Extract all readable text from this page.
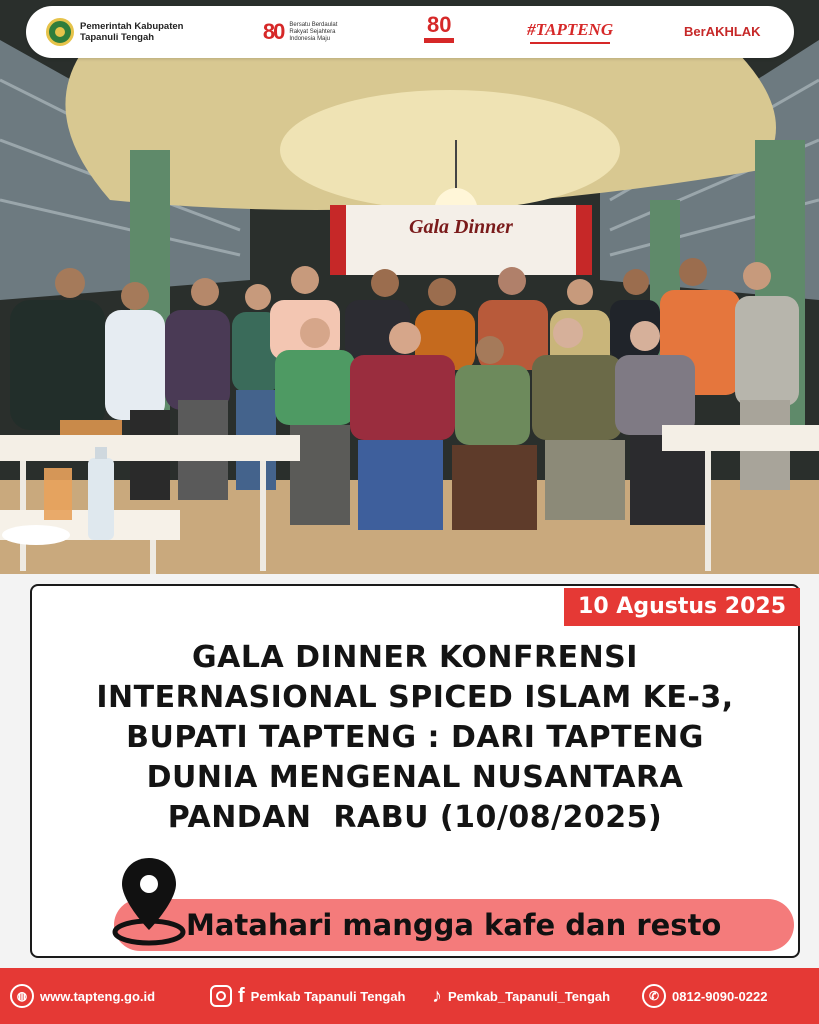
Gala Dinner
Pemerintah Kabupaten Tapanuli Tengah	80 Bersatu Berdaulat Rakyat Sejahtera Indonesia Maju
80	#TAPTENG	BerAKHLAK
10 Agustus 2025
GALA DINNER KONFRENSI
INTERNASIONAL SPICED ISLAM KE-3,
BUPATI TAPTENG : DARI TAPTENG
DUNIA MENGENAL NUSANTARA
PANDAN  RABU (10/08/2025)
Matahari mangga kafe dan resto
◍ www.tapteng.go.id	f Pemkab Tapanuli Tengah ♪ Pemkab_Tapanuli_Tengah	✆ 0812-9090-0222
